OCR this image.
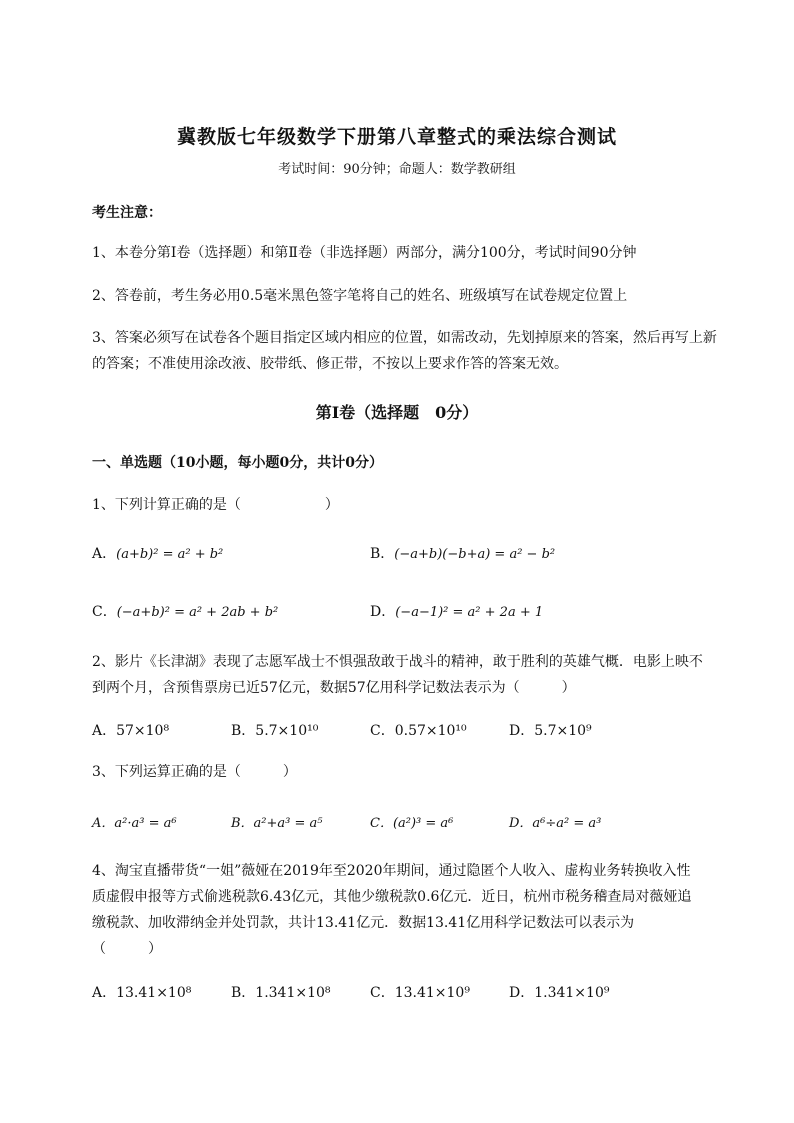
冀教版七年级数学下册第八章整式的乘法综合测试
考试时间：90分钟；命题人：数学教研组
考生注意：
1、本卷分第I卷（选择题）和第Ⅱ卷（非选择题）两部分，满分100分，考试时间90分钟
2、答卷前，考生务必用0.5毫米黑色签字笔将自己的姓名、班级填写在试卷规定位置上
3、答案必须写在试卷各个题目指定区域内相应的位置，如需改动，先划掉原来的答案，然后再写上新
的答案；不准使用涂改液、胶带纸、修正带，不按以上要求作答的答案无效。
第I卷（选择题　0分）
一、单选题（10小题，每小题0分，共计0分）
1、下列计算正确的是（　　　　　　）
A．(a+b)² = a² + b²	B．(−a+b)(−b+a) = a² − b²
C．(−a+b)² = a² + 2ab + b²	D．(−a−1)² = a² + 2a + 1
2、影片《长津湖》表现了志愿军战士不惧强敌敢于战斗的精神，敢于胜利的英雄气概．电影上映不
到两个月，含预售票房已近57亿元，数据57亿用科学记数法表示为（　　　）
A．57×10⁸	B．5.7×10¹⁰	C．0.57×10¹⁰	D．5.7×10⁹
3、下列运算正确的是（　　　）
A．a²·a³ = a⁶	B．a²+a³ = a⁵	C．(a²)³ = a⁶	D．a⁶÷a² = a³
4、淘宝直播带货“一姐”薇娅在2019年至2020年期间，通过隐匿个人收入、虚构业务转换收入性
质虚假申报等方式偷逃税款6.43亿元，其他少缴税款0.6亿元．近日，杭州市税务稽查局对薇娅追
缴税款、加收滞纳金并处罚款，共计13.41亿元．数据13.41亿用科学记数法可以表示为
（　　　）
A．13.41×10⁸	B．1.341×10⁸	C．13.41×10⁹	D．1.341×10⁹
